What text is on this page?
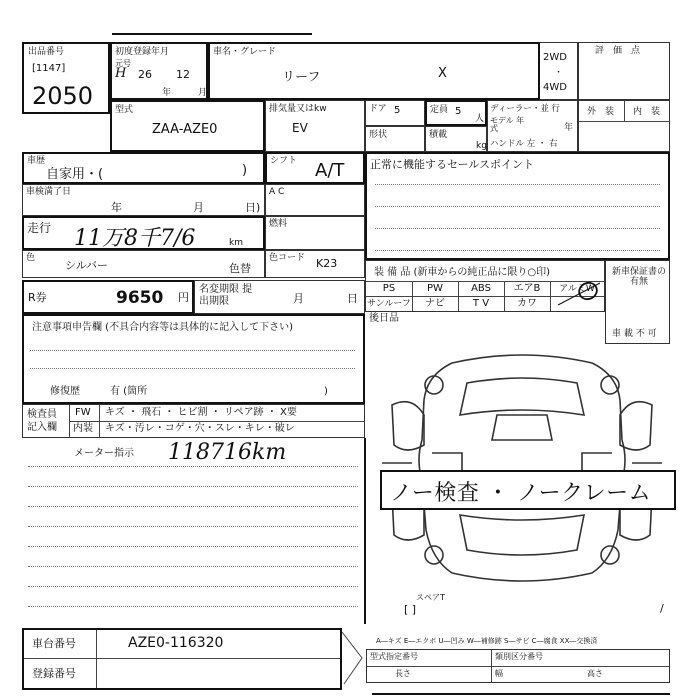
出品番号
[1147]
2050
初度登録年月
元号
H 26 12
年	月
車名・グレード
リーフ	X
2WD
・
4WD
評　価　点
型式
ZAA-AZE0
排気量又はkw
EV
ドア 5	定員 5
人
形状	積載
kg
ディーラー・並 行
モデル 年式	年
ハンドル 左 ・ 右
外　装 内　装
車歴
自家用・(	)
シフト A/T 正常に機能するセールスポイント
車検満了日
年	月	日)
A C
走行 11万8千7/6	km
燃料
色
シルバー	色替
色コード K23
装 備 品 (新車からの純正品に限り○印)
PS	PW	ABS	エアB	アルミW
サンルーフ	ナビ	T V	カワ
新車保証書の有無
車 載 不 可
R券	9650 円
名変期限 提出期限	月	日
後日品
注意事項申告欄 (不具合内容等は具体的に記入して下さい)
修復歴	有 (箇所	)
検査員 記入欄
FW キズ ・ 飛石 ・ ヒビ割 ・ リペア跡 ・ X要
内装 キズ・汚レ・コゲ・穴・スレ・キレ・破レ
メーター指示 118716km
ノー検査 ・ ノークレーム
スペアT
[ ]	/
A―キズ E―エクボ U―凹み W―補修跡 S―サビ C―腐食 XX―交換済
型式指定番号
長さ
類別区分番号
幅	高さ
車台番号	AZE0-116320
登録番号
